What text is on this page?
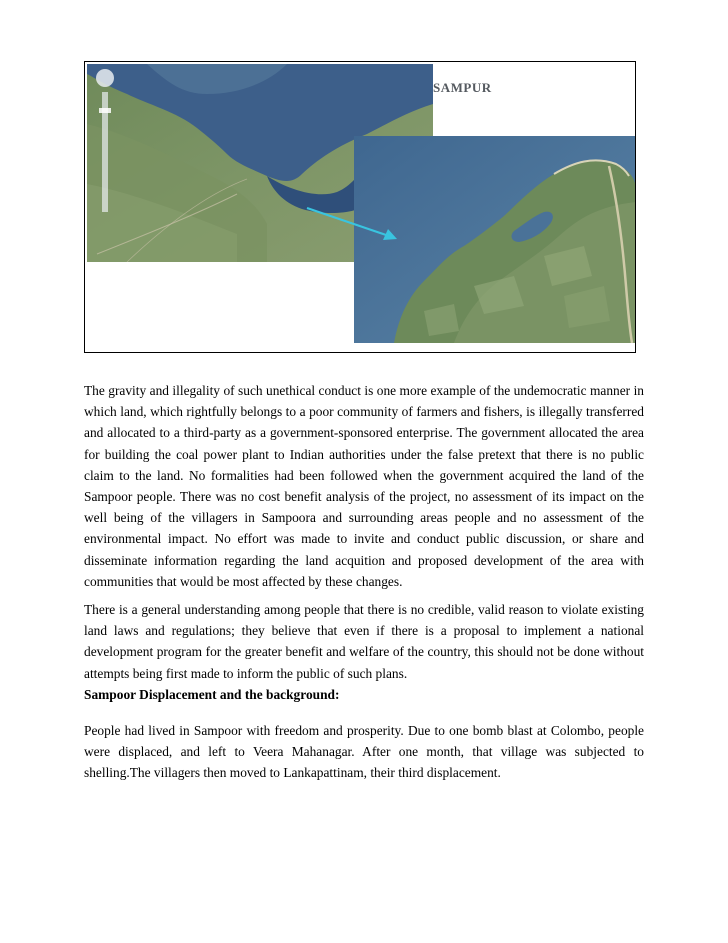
SAMPUR

The gravity and illegality of such unethical conduct is one more example of the undemocratic manner in which land, which rightfully belongs to a poor community of farmers and fishers, is illegally transferred and allocated to a third-party as a government-sponsored enterprise. The government allocated the area for building the coal power plant to Indian authorities under the false pretext that there is no public claim to the land. No formalities had been followed when the government acquired the land of the Sampoor people. There was no cost benefit analysis of the project, no assessment of its impact on the well being of the villagers in Sampoora and surrounding areas people and no assessment of the environmental impact. No effort was made to invite and conduct public discussion, or share and disseminate information regarding the land acquition and proposed development of the area with communities that would be most affected by these changes.

There is a general understanding among people that there is no credible, valid reason to violate existing land laws and regulations; they believe that even if there is a proposal to implement a national development program for the greater benefit and welfare of the country, this should not be done without attempts being first made to inform the public of such plans.

Sampoor Displacement and the background:

People had lived in Sampoor with freedom and prosperity. Due to one bomb blast at Colombo, people were displaced, and left to Veera Mahanagar. After one month, that village was subjected to shelling.The villagers then moved to Lankapattinam, their third displacement.
